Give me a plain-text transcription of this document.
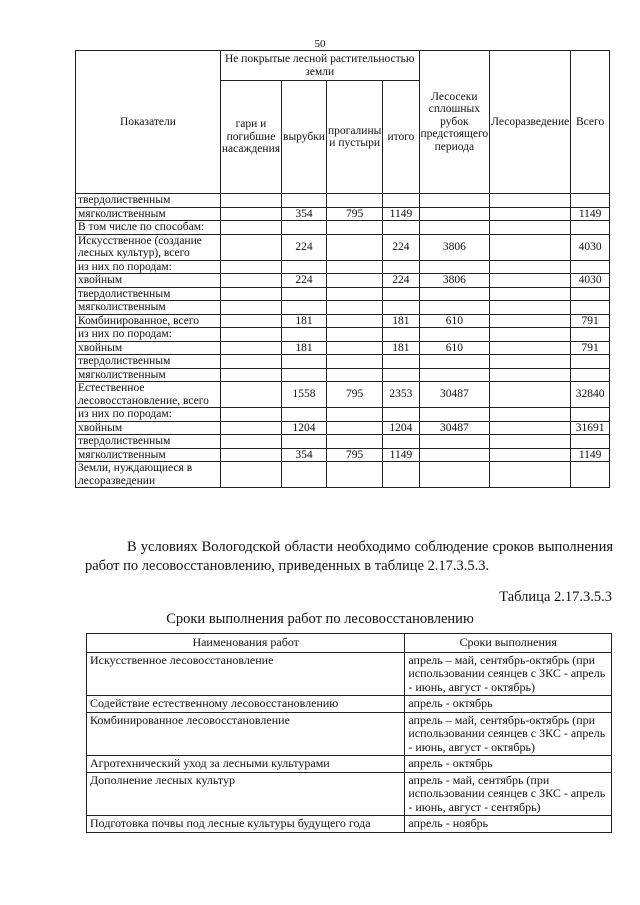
50
Показатели	Не покрытые лесной растительностью земли				Лесосеки сплошных рубок предстоящего периода	Лесоразведение	Всего
	гари и погибшие насаждения	вырубки	прогалины и пустыри	итого			
твердолиственным							
мягколиственным		354	795	1149			1149
В том числе по способам:							
Искусственное (создание лесных культур), всего		224		224	3806		4030
из них по породам:							
хвойным		224		224	3806		4030
твердолиственным							
мягколиственным							
Комбинированное, всего		181		181	610		791
из них по породам:							
хвойным		181		181	610		791
твердолиственным							
мягколиственным							
Естественное лесовосстановление, всего		1558	795	2353	30487		32840
из них по породам:							
хвойным		1204		1204	30487		31691
твердолиственным							
мягколиственным		354	795	1149			1149
Земли, нуждающиеся в лесоразведении							

В условиях Вологодской области необходимо соблюдение сроков выполнения работ по лесовосстановлению, приведенных в таблице 2.17.3.5.3.

Таблица 2.17.3.5.3
Сроки выполнения работ по лесовосстановлению
Наименования работ	Сроки выполнения
Искусственное лесовосстановление	апрель – май, сентябрь-октябрь (при использовании сеянцев с ЗКС - апрель - июнь, август - октябрь)
Содействие естественному лесовосстановлению	апрель - октябрь
Комбинированное лесовосстановление	апрель – май, сентябрь-октябрь (при использовании сеянцев с ЗКС - апрель - июнь, август - октябрь)
Агротехнический уход за лесными культурами	апрель - октябрь
Дополнение лесных культур	апрель - май, сентябрь (при использовании сеянцев с ЗКС - апрель - июнь, август - сентябрь)
Подготовка почвы под лесные культуры будущего года	апрель - ноябрь
